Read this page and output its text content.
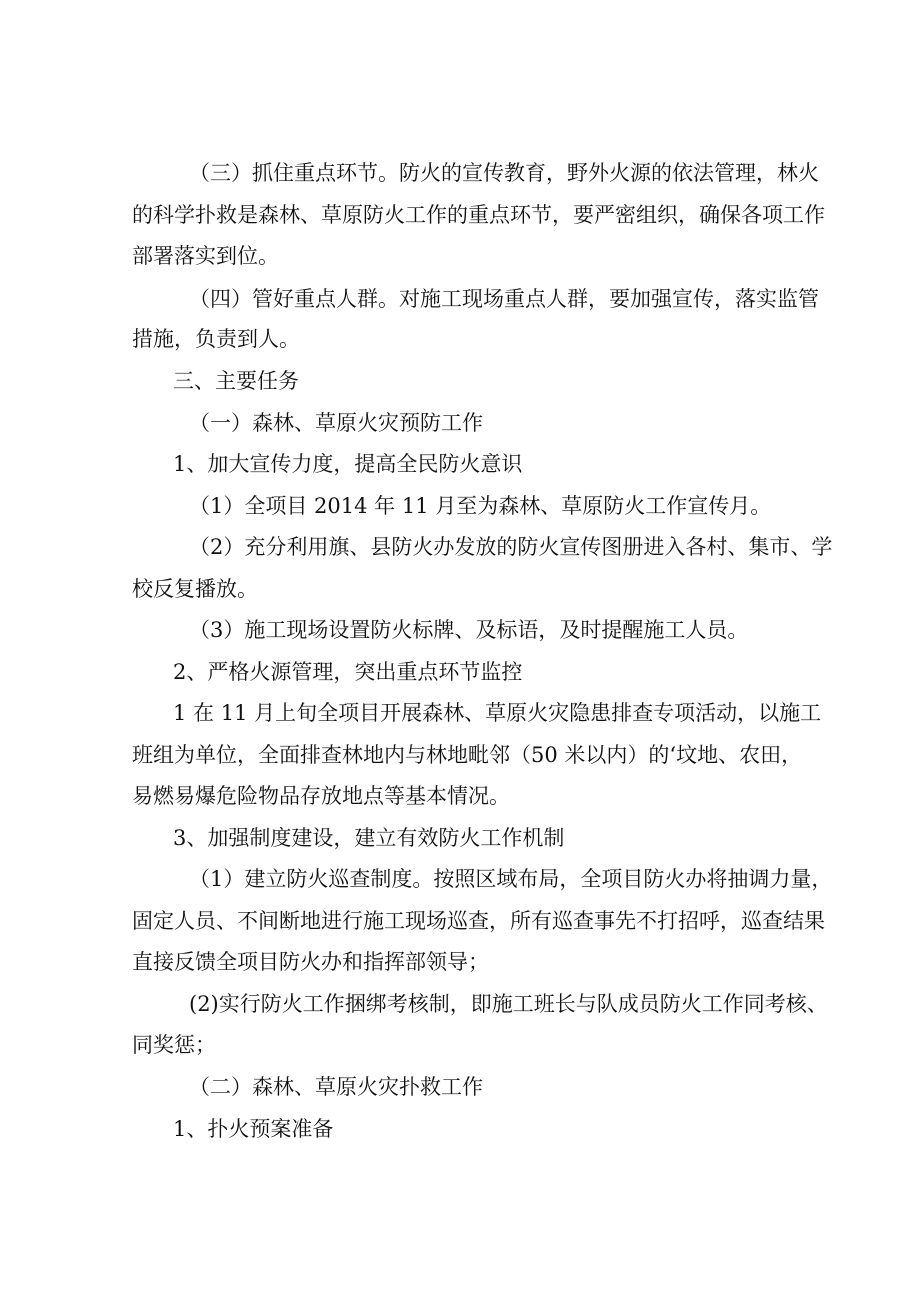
（三）抓住重点环节。防火的宣传教育，野外火源的依法管理，林火
的科学扑救是森林、草原防火工作的重点环节，要严密组织，确保各项工作
部署落实到位。
（四）管好重点人群。对施工现场重点人群，要加强宣传，落实监管
措施，负责到人。
三、主要任务
（一）森林、草原火灾预防工作
1、加大宣传力度，提高全民防火意识
（1）全项目 2014 年 11 月至为森林、草原防火工作宣传月。
（2）充分利用旗、县防火办发放的防火宣传图册进入各村、集市、学
校反复播放。
（3）施工现场设置防火标牌、及标语，及时提醒施工人员。
2、严格火源管理，突出重点环节监控
1 在 11 月上旬全项目开展森林、草原火灾隐患排查专项活动，以施工
班组为单位，全面排查林地内与林地毗邻（50 米以内）的‘坟地、农田，
易燃易爆危险物品存放地点等基本情况。
3、加强制度建设，建立有效防火工作机制
（1）建立防火巡查制度。按照区域布局，全项目防火办将抽调力量，
固定人员、不间断地进行施工现场巡查，所有巡查事先不打招呼，巡查结果
直接反馈全项目防火办和指挥部领导；
(2)实行防火工作捆绑考核制，即施工班长与队成员防火工作同考核、
同奖惩；
（二）森林、草原火灾扑救工作
1、扑火预案准备
